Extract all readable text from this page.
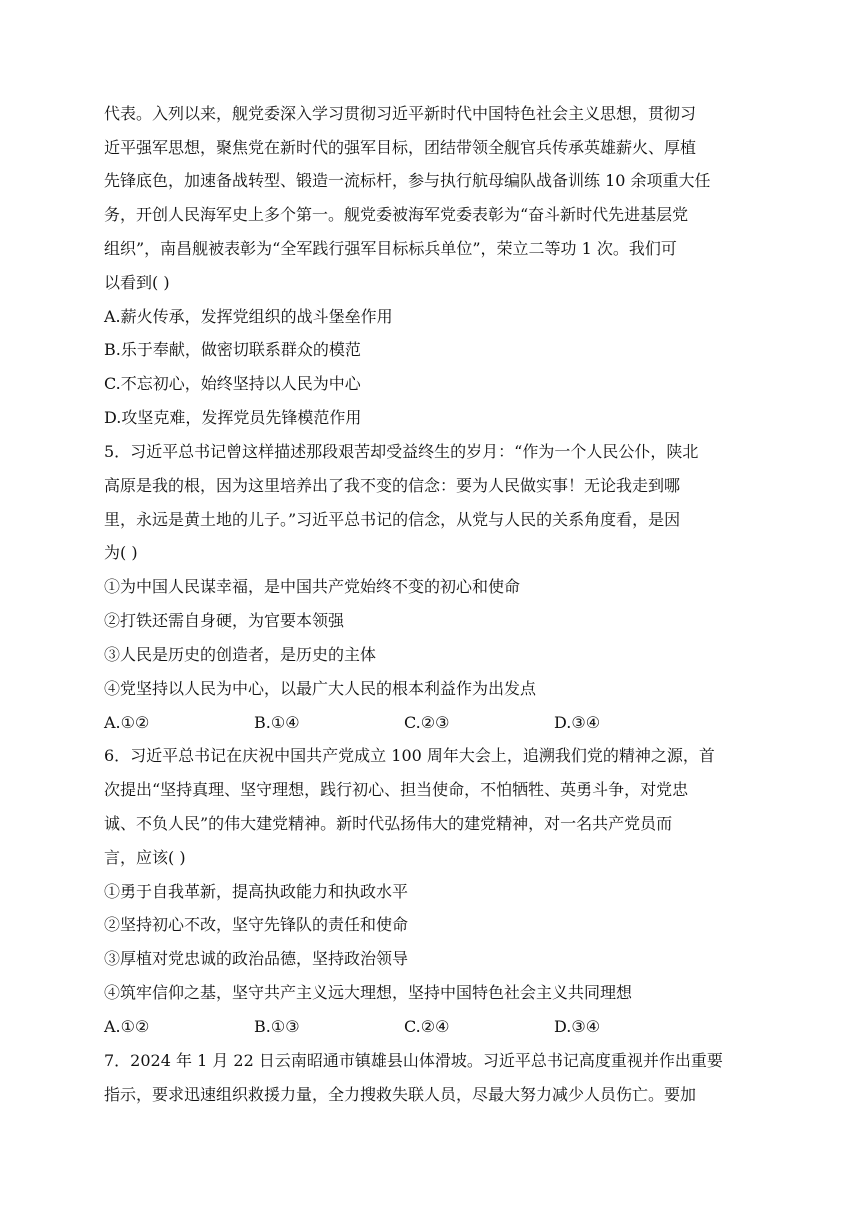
代表。入列以来，舰党委深入学习贯彻习近平新时代中国特色社会主义思想，贯彻习
近平强军思想，聚焦党在新时代的强军目标，团结带领全舰官兵传承英雄薪火、厚植
先锋底色，加速备战转型、锻造一流标杆，参与执行航母编队战备训练 10 余项重大任
务，开创人民海军史上多个第一。舰党委被海军党委表彰为“奋斗新时代先进基层党
组织”，南昌舰被表彰为“全军践行强军目标标兵单位”，荣立二等功 1 次。我们可
以看到( )
A.薪火传承，发挥党组织的战斗堡垒作用
B.乐于奉献，做密切联系群众的模范
C.不忘初心，始终坚持以人民为中心
D.攻坚克难，发挥党员先锋模范作用
5．习近平总书记曾这样描述那段艰苦却受益终生的岁月：“作为一个人民公仆，陕北
高原是我的根，因为这里培养出了我不变的信念：要为人民做实事！无论我走到哪
里，永远是黄土地的儿子。”习近平总书记的信念，从党与人民的关系角度看，是因
为( )
①为中国人民谋幸福，是中国共产党始终不变的初心和使命
②打铁还需自身硬，为官要本领强
③人民是历史的创造者，是历史的主体
④党坚持以人民为中心，以最广大人民的根本利益作为出发点
A.①②	B.①④	C.②③	D.③④
6．习近平总书记在庆祝中国共产党成立 100 周年大会上，追溯我们党的精神之源，首
次提出“坚持真理、坚守理想，践行初心、担当使命，不怕牺牲、英勇斗争，对党忠
诚、不负人民”的伟大建党精神。新时代弘扬伟大的建党精神，对一名共产党员而
言，应该( )
①勇于自我革新，提高执政能力和执政水平
②坚持初心不改，坚守先锋队的责任和使命
③厚植对党忠诚的政治品德，坚持政治领导
④筑牢信仰之基，坚守共产主义远大理想，坚持中国特色社会主义共同理想
A.①②	B.①③	C.②④	D.③④
7．2024 年 1 月 22 日云南昭通市镇雄县山体滑坡。习近平总书记高度重视并作出重要
指示，要求迅速组织救援力量，全力搜救失联人员，尽最大努力减少人员伤亡。要加
